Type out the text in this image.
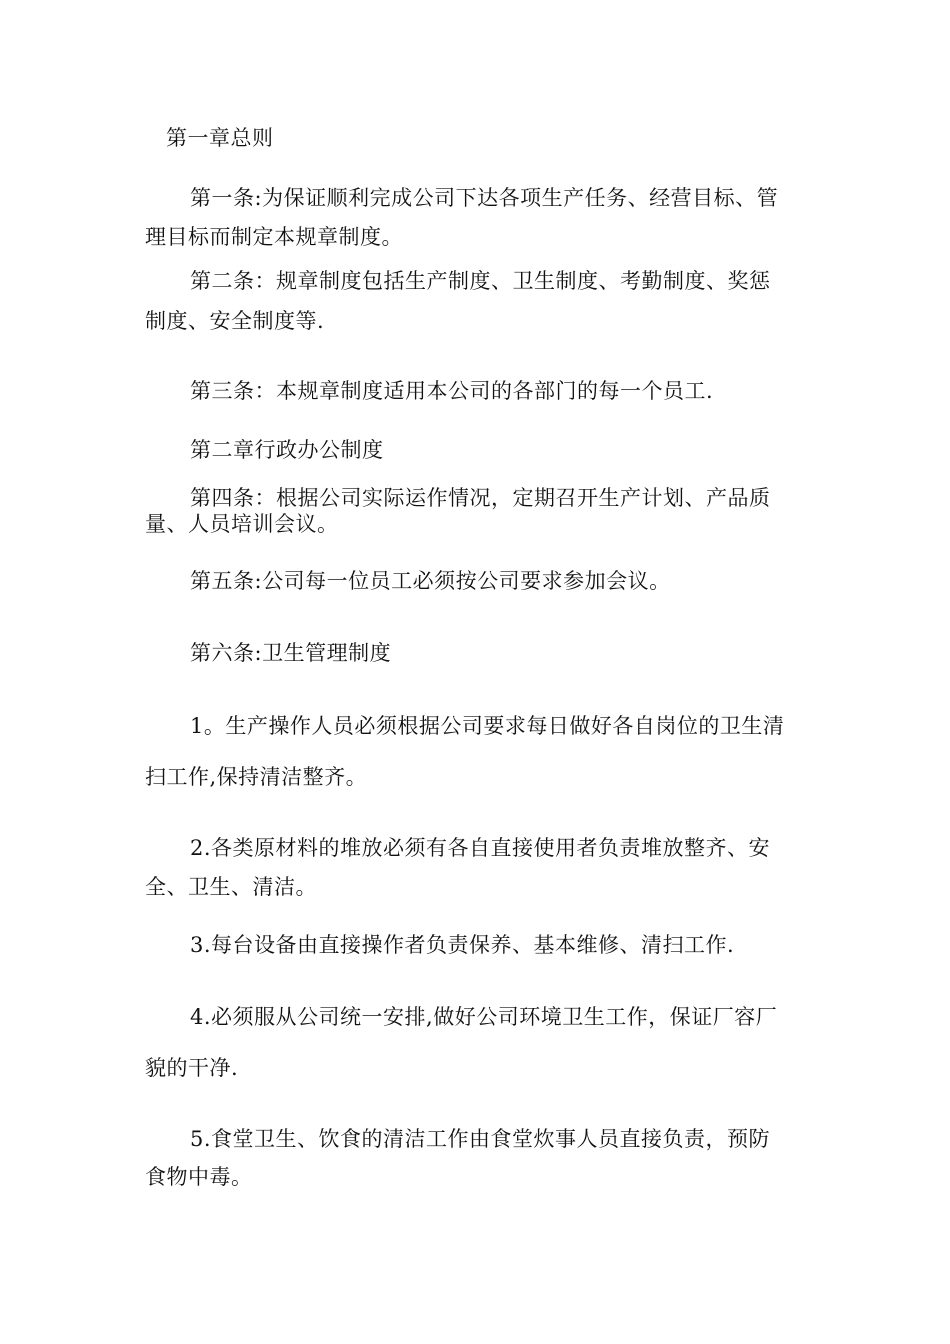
第一章总则
第一条:为保证顺利完成公司下达各项生产任务、经营目标、管
理目标而制定本规章制度。
第二条：规章制度包括生产制度、卫生制度、考勤制度、奖惩
制度、安全制度等.
第三条：本规章制度适用本公司的各部门的每一个员工.
第二章行政办公制度
第四条：根据公司实际运作情况，定期召开生产计划、产品质
量、人员培训会议。
第五条:公司每一位员工必须按公司要求参加会议。
第六条:卫生管理制度
1。生产操作人员必须根据公司要求每日做好各自岗位的卫生清
扫工作,保持清洁整齐。
2.各类原材料的堆放必须有各自直接使用者负责堆放整齐、安
全、卫生、清洁。
3.每台设备由直接操作者负责保养、基本维修、清扫工作.
4.必须服从公司统一安排,做好公司环境卫生工作，保证厂容厂
貌的干净.
5.食堂卫生、饮食的清洁工作由食堂炊事人员直接负责，预防
食物中毒。
